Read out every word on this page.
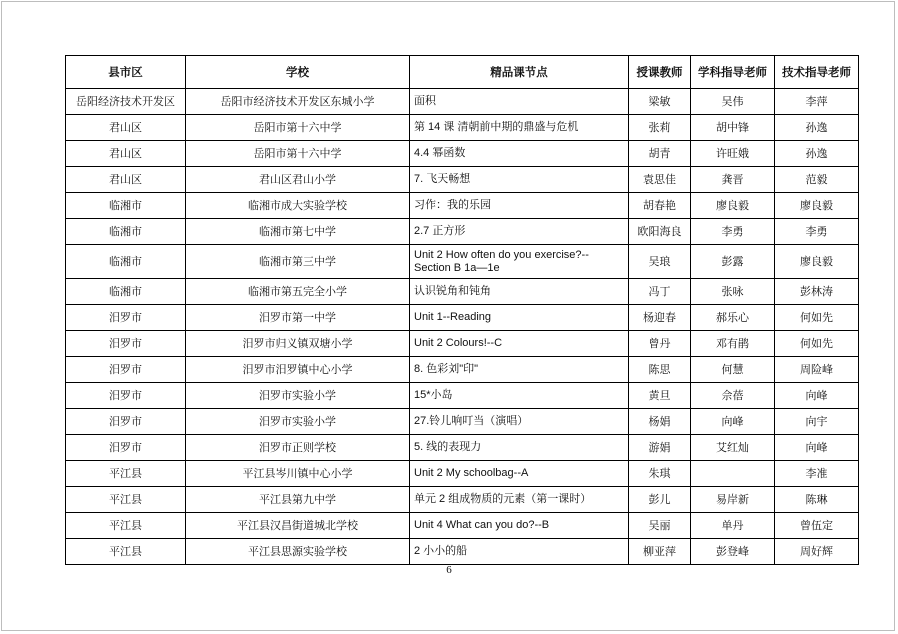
县市区	学校	精品课节点	授课教师	学科指导老师	技术指导老师	
岳阳经济技术开发区	岳阳市经济技术开发区东城小学	面积	梁敏	吴伟	李萍	
君山区	岳阳市第十六中学	第 14 课 清朝前中期的鼎盛与危机	张莉	胡中锋	孙逸	
君山区	岳阳市第十六中学	4.4 幂函数	胡青	许旺娥	孙逸	
君山区	君山区君山小学	7. 飞天畅想	袁思佳	龚晋	范毅	
临湘市	临湘市成大实验学校	习作：我的乐园	胡春艳	廖良毅	廖良毅	
临湘市	临湘市第七中学	2.7 正方形	欧阳海良	李勇	李勇	
临湘市	临湘市第三中学	Unit 2 How often do you exercise?--Section B 1a—1e	吴琅	彭露	廖良毅	
临湘市	临湘市第五完全小学	认识锐角和钝角	冯丁	张咏	彭林涛	
汨罗市	汨罗市第一中学	Unit 1--Reading	杨迎春	郝乐心	何如先	
汨罗市	汨罗市归义镇双塘小学	Unit 2 Colours!--C	曾丹	邓有鹃	何如先	
汨罗市	汨罗市汨罗镇中心小学	8. 色彩刘"印"	陈思	何慧	周险峰	
汨罗市	汨罗市实验小学	15*小岛	黄旦	佘蓓	向峰	
汨罗市	汨罗市实验小学	27.铃儿响叮当（演唱）	杨娟	向峰	向宇	
汨罗市	汨罗市正则学校	5. 线的表现力	游娟	艾红灿	向峰	
平江县	平江县岑川镇中心小学	Unit 2 My schoolbag--A	朱琪		李准	
平江县	平江县第九中学	单元 2 组成物质的元素（第一课时）	彭儿	易岸新	陈琳	
平江县	平江县汉昌街道城北学校	Unit 4 What can you do?--B	吴丽	单丹	曾伍定	
平江县	平江县思源实验学校	2 小小的船	柳亚萍	彭登峰	周好辉	
6
